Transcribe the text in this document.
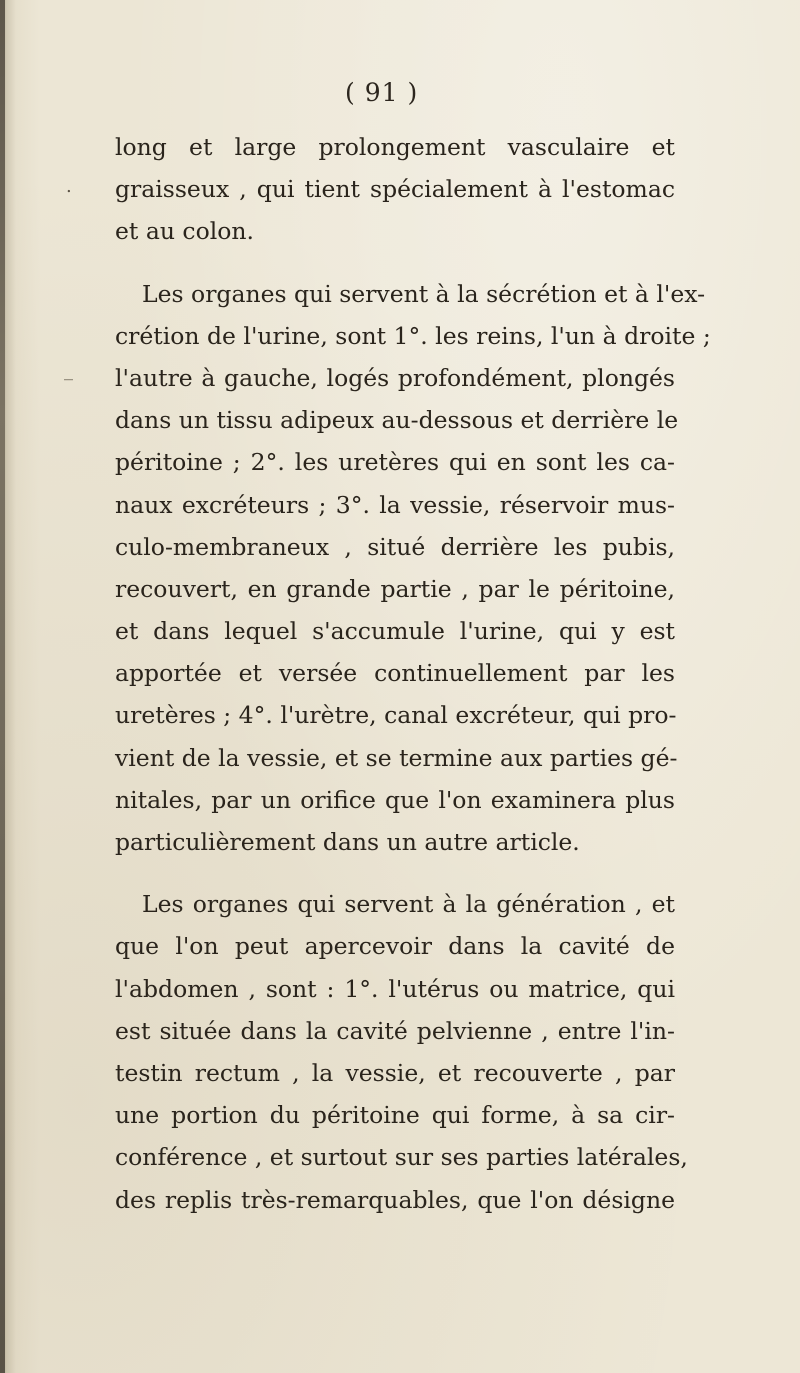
( 91 )
.
_

long et large prolongement vasculaire et
graisseux , qui tient spécialement à l'estomac
et au colon.

Les organes qui servent à la sécrétion et à l'ex-
crétion de l'urine, sont 1°. les reins, l'un à droite ;
l'autre à gauche, logés profondément, plongés
dans un tissu adipeux au-dessous et derrière le
péritoine ; 2°. les uretères qui en sont les ca-
naux excréteurs ; 3°. la vessie, réservoir mus-
culo-membraneux , situé derrière les pubis,
recouvert, en grande partie , par le péritoine,
et dans lequel s'accumule l'urine, qui y est
apportée et versée continuellement par les
uretères ; 4°. l'urètre, canal excréteur, qui pro-
vient de la vessie, et se termine aux parties gé-
nitales, par un orifice que l'on examinera plus
particulièrement dans un autre article.

Les organes qui servent à la génération , et
que l'on peut apercevoir dans la cavité de
l'abdomen , sont : 1°. l'utérus ou matrice, qui
est située dans la cavité pelvienne , entre l'in-
testin rectum , la vessie, et recouverte , par
une portion du péritoine qui forme, à sa cir-
conférence , et surtout sur ses parties latérales,
des replis très-remarquables, que l'on désigne
